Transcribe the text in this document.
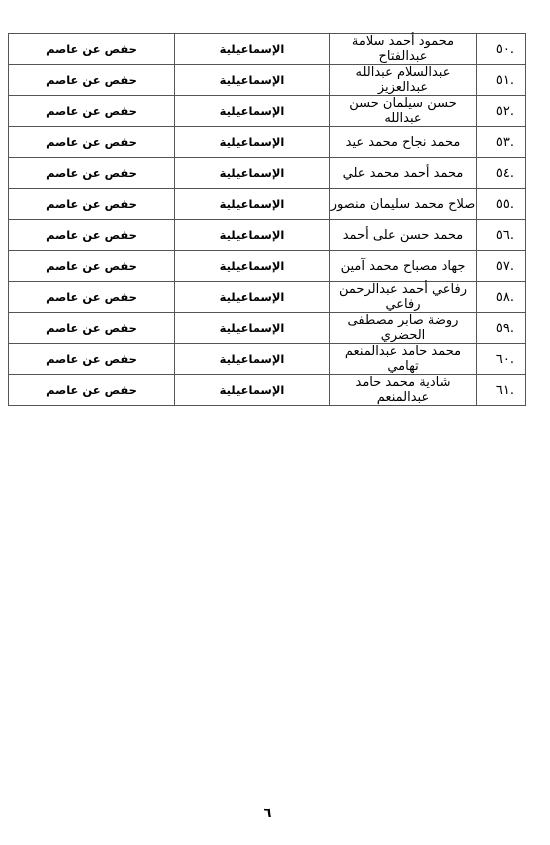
.٥٠	محمود أحمد سلامة عبدالفتاح	الإسماعيلية	حفص عن عاصم
.٥١	عبدالسلام عبدالله عبدالعزيز	الإسماعيلية	حفص عن عاصم
.٥٢	حسن سيلمان حسن عبدالله	الإسماعيلية	حفص عن عاصم
.٥٣	محمد نجاح محمد عيد	الإسماعيلية	حفص عن عاصم
.٥٤	محمد أحمد محمد علي	الإسماعيلية	حفص عن عاصم
.٥٥	صلاح محمد سليمان منصور	الإسماعيلية	حفص عن عاصم
.٥٦	محمد حسن على أحمد	الإسماعيلية	حفص عن عاصم
.٥٧	جهاد مصباح محمد آمين	الإسماعيلية	حفص عن عاصم
.٥٨	رفاعي أحمد عبدالرحمن رفاعي	الإسماعيلية	حفص عن عاصم
.٥٩	روضة صابر مصطفى الحضري	الإسماعيلية	حفص عن عاصم
.٦٠	محمد حامد عبدالمنعم تهامي	الإسماعيلية	حفص عن عاصم
.٦١	شادية محمد حامد عبدالمنعم	الإسماعيلية	حفص عن عاصم
٦
